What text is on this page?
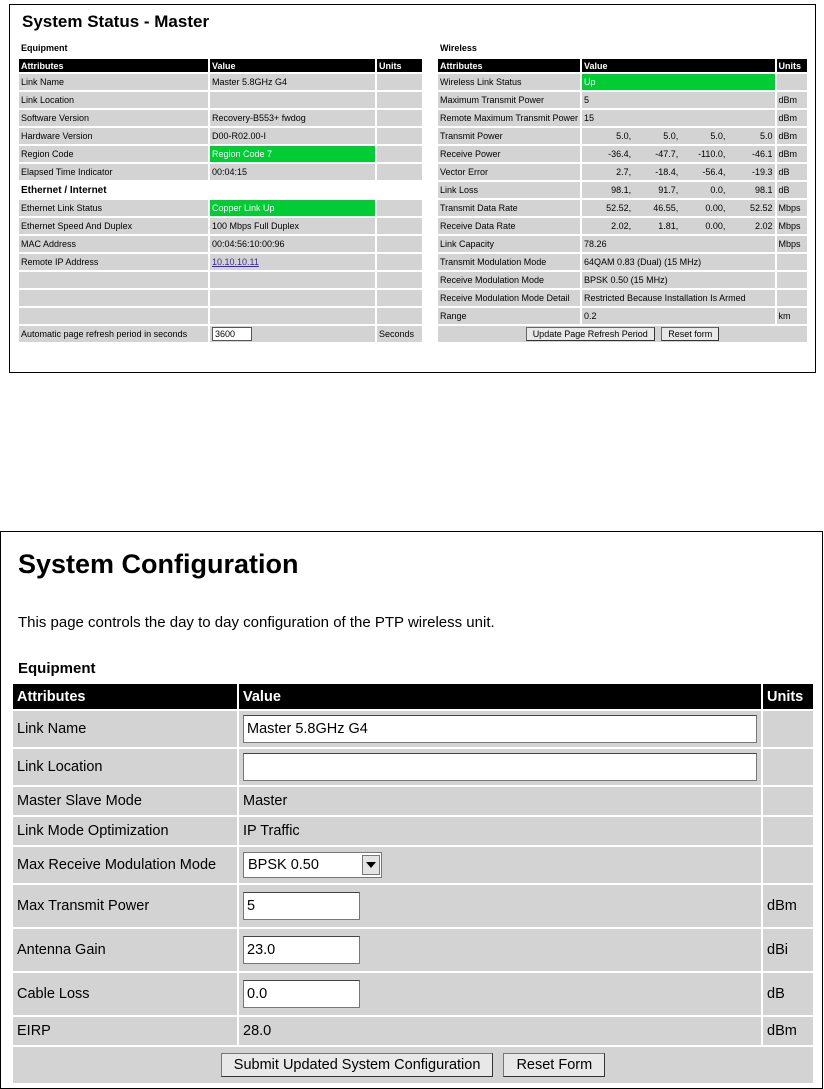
System Status - Master
Equipment	Wireless
Attributes	Value	Units
Link Name	Master 5.8GHz G4	
Link Location		
Software Version	Recovery-B553+ fwdog	
Hardware Version	D00-R02.00-I	
Region Code	Region Code 7	
Elapsed Time Indicator	00:04:15	
Ethernet / Internet		
Ethernet Link Status	Copper Link Up	
Ethernet Speed And Duplex	100 Mbps Full Duplex	
MAC Address	00:04:56:10:00:96	
Remote IP Address	10.10.10.11	

Automatic page refresh period in seconds	3600	Seconds
Attributes	Value	Units
Wireless Link Status	Up	
Maximum Transmit Power	5	dBm
Remote Maximum Transmit Power	15	dBm
Transmit Power	5.0, 5.0, 5.0, 5.0	dBm
Receive Power	-36.4, -47.7, -110.0, -46.1	dBm
Vector Error	2.7, -18.4, -56.4, -19.3	dB
Link Loss	98.1, 91.7, 0.0, 98.1	dB
Transmit Data Rate	52.52, 46.55, 0.00, 52.52	Mbps
Receive Data Rate	2.02, 1.81, 0.00, 2.02	Mbps
Link Capacity	78.26	Mbps
Transmit Modulation Mode	64QAM 0.83 (Dual) (15 MHz)	
Receive Modulation Mode	BPSK 0.50 (15 MHz)	
Receive Modulation Mode Detail	Restricted Because Installation Is Armed	
Range	0.2	km
Update Page Refresh Period Reset form		
System Configuration
This page controls the day to day configuration of the PTP wireless unit.
Equipment
Attributes	Value	Units
Link Name	Master 5.8GHz G4	
Link Location		
Master Slave Mode	Master	
Link Mode Optimization	IP Traffic	
Max Receive Modulation Mode	BPSK 0.50	

Max Transmit Power	5	dBm
Antenna Gain	23.0	dBi
Cable Loss	0.0	dB
EIRP	28.0	dBm
Submit Updated System Configuration Reset Form		
